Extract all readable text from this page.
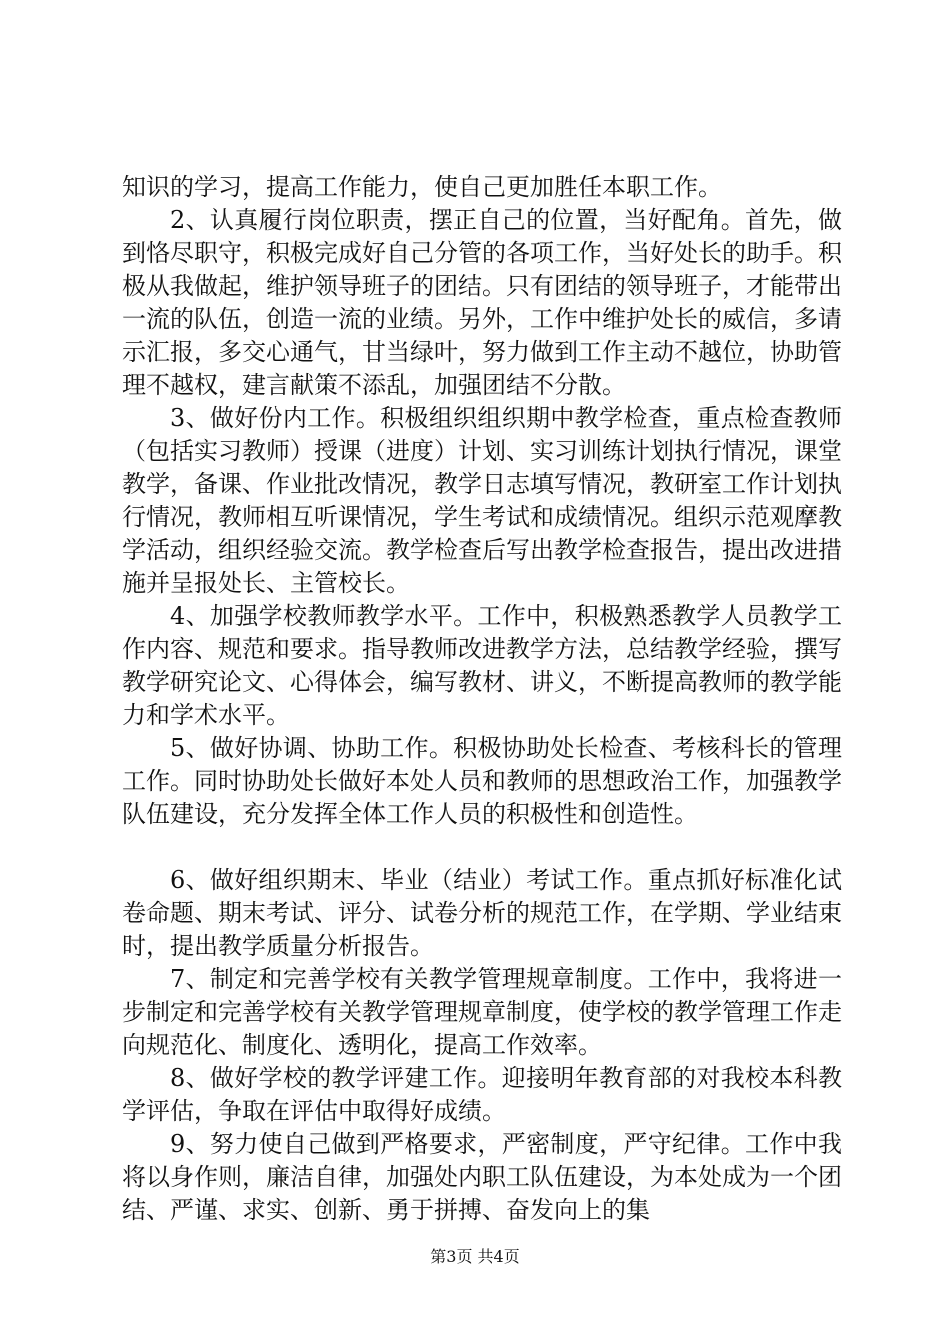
知识的学习，提高工作能力，使自己更加胜任本职工作。

2、认真履行岗位职责，摆正自己的位置，当好配角。首先，做到恪尽职守，积极完成好自己分管的各项工作，当好处长的助手。积极从我做起，维护领导班子的团结。只有团结的领导班子，才能带出一流的队伍，创造一流的业绩。另外，工作中维护处长的威信，多请示汇报，多交心通气，甘当绿叶，努力做到工作主动不越位，协助管理不越权，建言献策不添乱，加强团结不分散。

3、做好份内工作。积极组织组织期中教学检查，重点检查教师（包括实习教师）授课（进度）计划、实习训练计划执行情况，课堂教学，备课、作业批改情况，教学日志填写情况，教研室工作计划执行情况，教师相互听课情况，学生考试和成绩情况。组织示范观摩教学活动，组织经验交流。教学检查后写出教学检查报告，提出改进措施并呈报处长、主管校长。

4、加强学校教师教学水平。工作中，积极熟悉教学人员教学工作内容、规范和要求。指导教师改进教学方法，总结教学经验，撰写教学研究论文、心得体会，编写教材、讲义，不断提高教师的教学能力和学术水平。

5、做好协调、协助工作。积极协助处长检查、考核科长的管理工作。同时协助处长做好本处人员和教师的思想政治工作，加强教学队伍建设，充分发挥全体工作人员的积极性和创造性。

6、做好组织期末、毕业（结业）考试工作。重点抓好标准化试卷命题、期末考试、评分、试卷分析的规范工作，在学期、学业结束时，提出教学质量分析报告。

7、制定和完善学校有关教学管理规章制度。工作中，我将进一步制定和完善学校有关教学管理规章制度，使学校的教学管理工作走向规范化、制度化、透明化，提高工作效率。

8、做好学校的教学评建工作。迎接明年教育部的对我校本科教学评估，争取在评估中取得好成绩。

9、努力使自己做到严格要求，严密制度，严守纪律。工作中我将以身作则，廉洁自律，加强处内职工队伍建设，为本处成为一个团结、严谨、求实、创新、勇于拼搏、奋发向上的集

第3页 共4页
